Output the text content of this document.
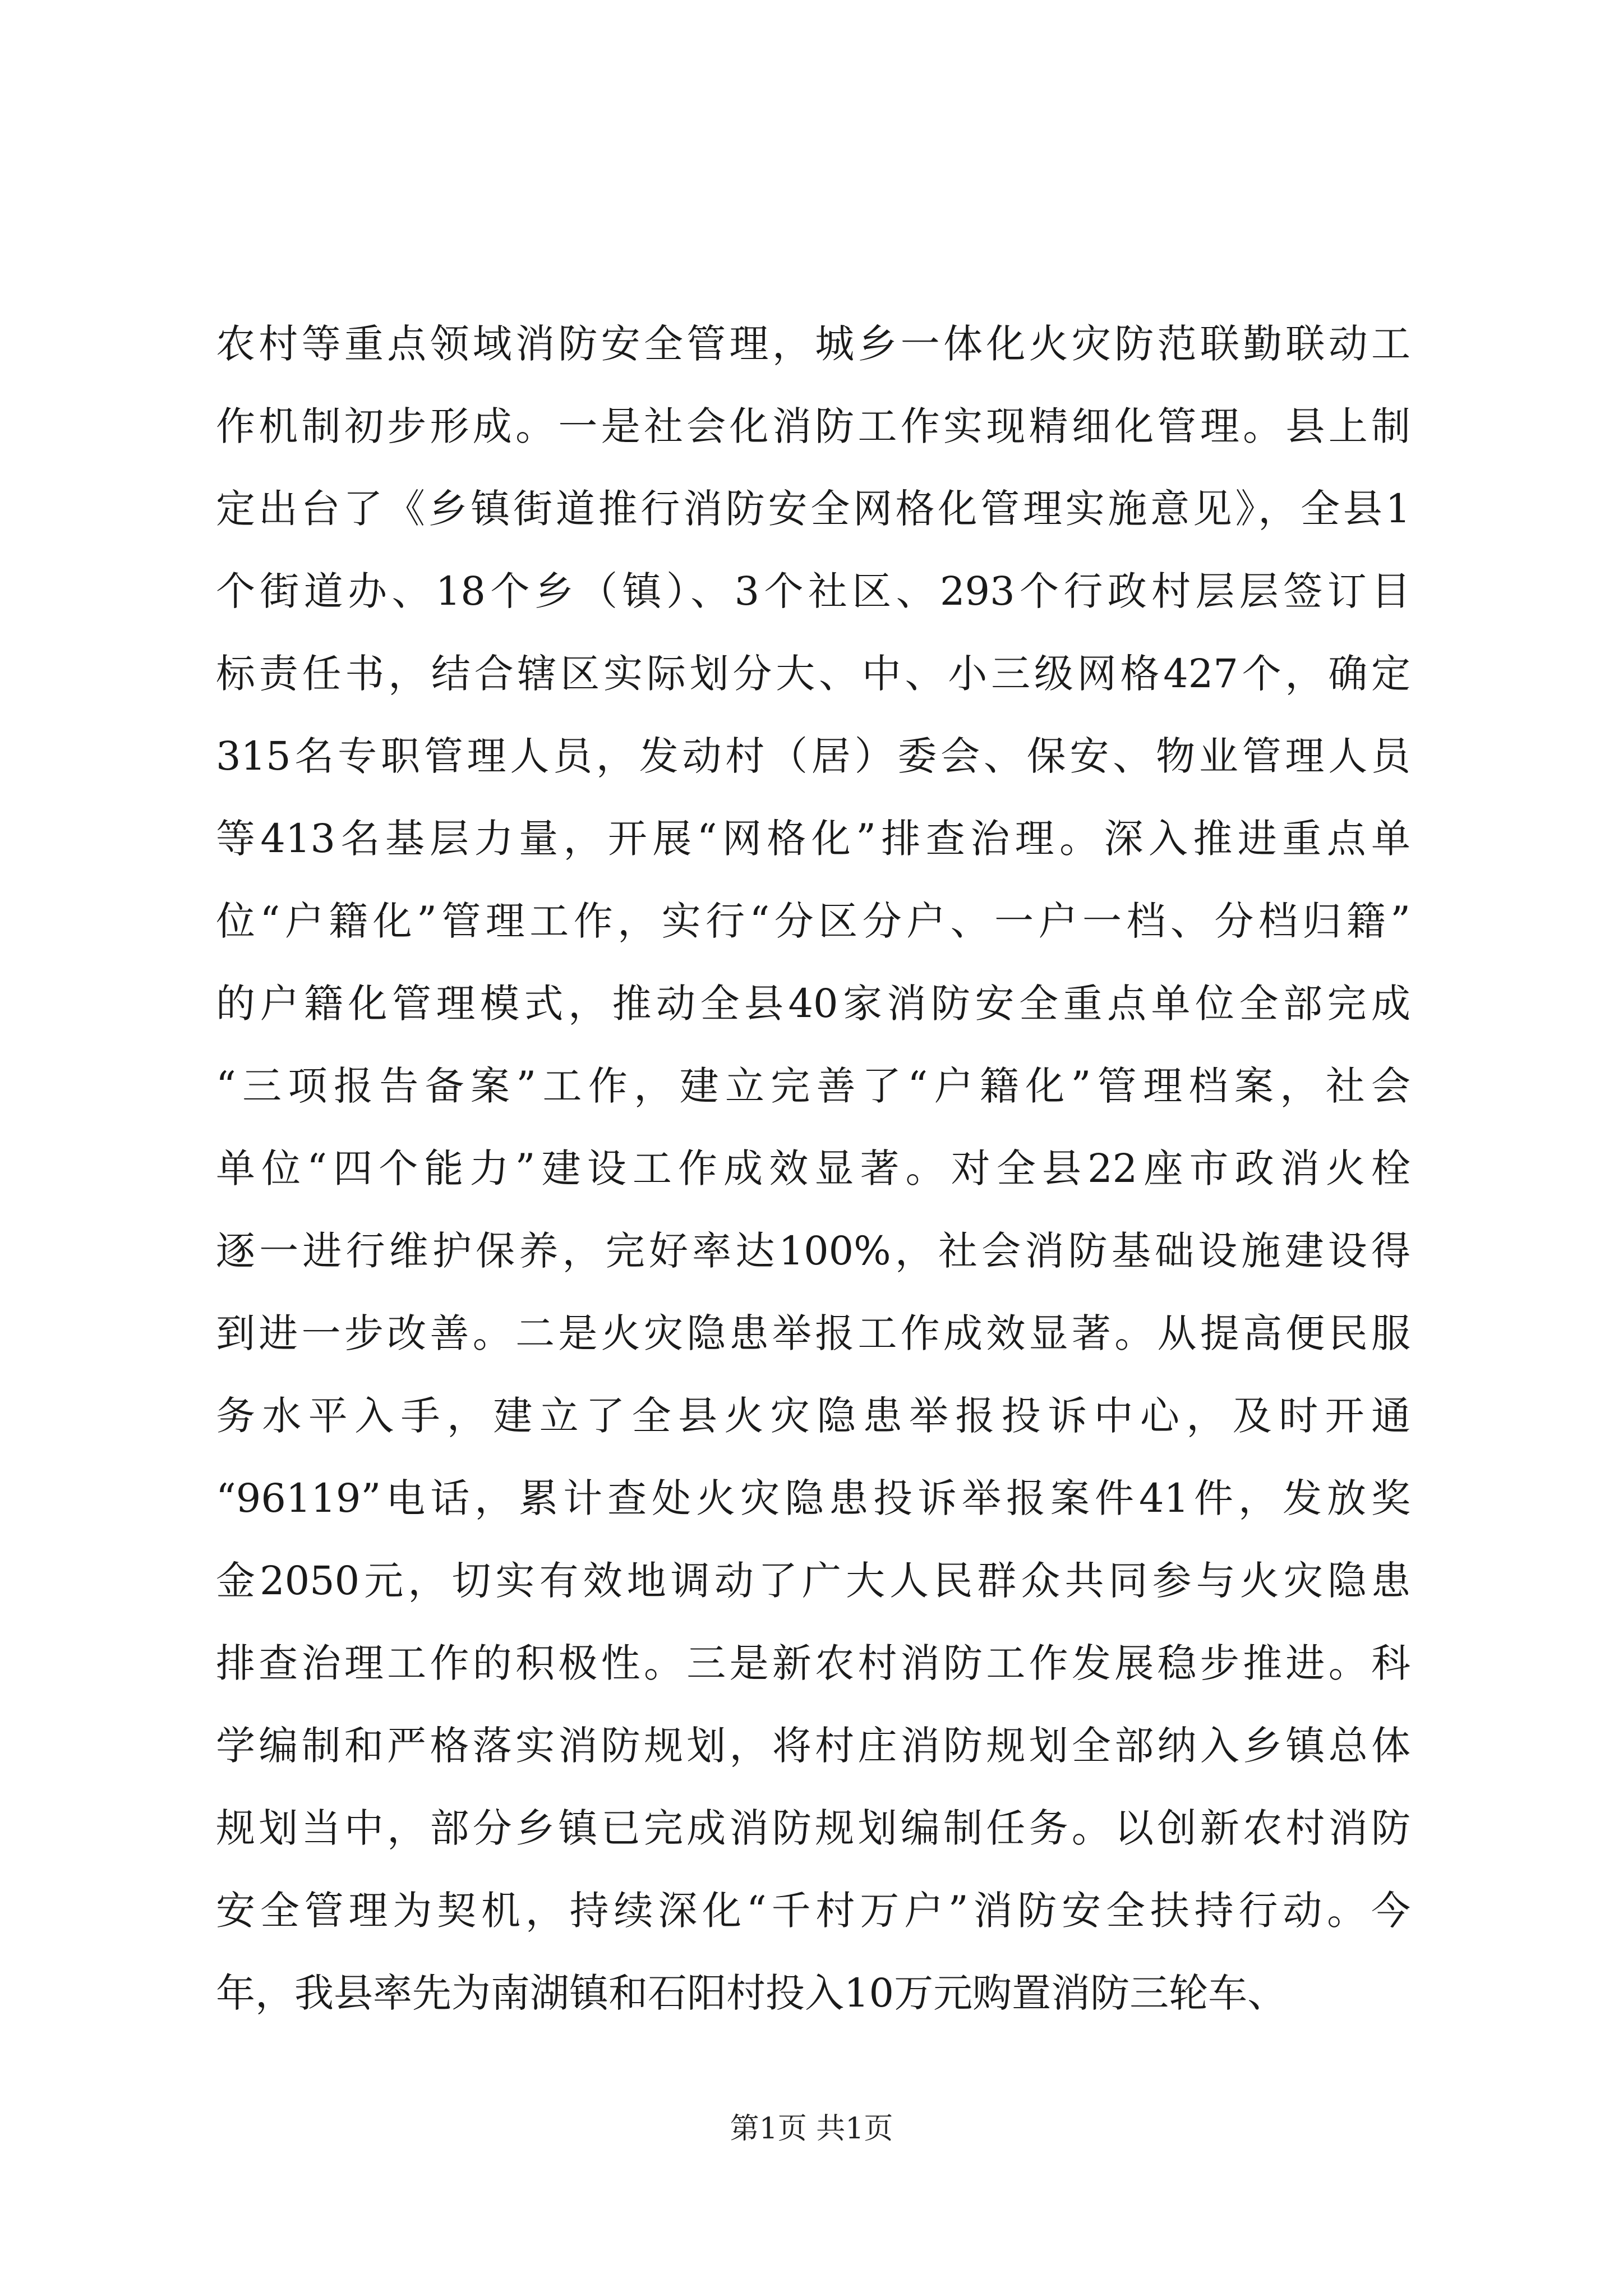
农村等重点领域消防安全管理，城乡一体化火灾防范联勤联动工
作机制初步形成。一是社会化消防工作实现精细化管理。县上制
定出台了《乡镇街道推行消防安全网格化管理实施意见》，全县1
个街道办、18个乡（镇）、3个社区、293个行政村层层签订目
标责任书，结合辖区实际划分大、中、小三级网格427个，确定
315名专职管理人员，发动村（居）委会、保安、物业管理人员
等413名基层力量，开展“网格化”排查治理。深入推进重点单
位“户籍化”管理工作，实行“分区分户、一户一档、分档归籍”
的户籍化管理模式，推动全县40家消防安全重点单位全部完成
“三项报告备案”工作，建立完善了“户籍化”管理档案，社会
单位“四个能力”建设工作成效显著。对全县22座市政消火栓
逐一进行维护保养，完好率达100%，社会消防基础设施建设得
到进一步改善。二是火灾隐患举报工作成效显著。从提高便民服
务水平入手，建立了全县火灾隐患举报投诉中心，及时开通
“96119”电话，累计查处火灾隐患投诉举报案件41件，发放奖
金2050元，切实有效地调动了广大人民群众共同参与火灾隐患
排查治理工作的积极性。三是新农村消防工作发展稳步推进。科
学编制和严格落实消防规划，将村庄消防规划全部纳入乡镇总体
规划当中，部分乡镇已完成消防规划编制任务。以创新农村消防
安全管理为契机，持续深化“千村万户”消防安全扶持行动。今
年，我县率先为南湖镇和石阳村投入10万元购置消防三轮车、
第1页 共1页
